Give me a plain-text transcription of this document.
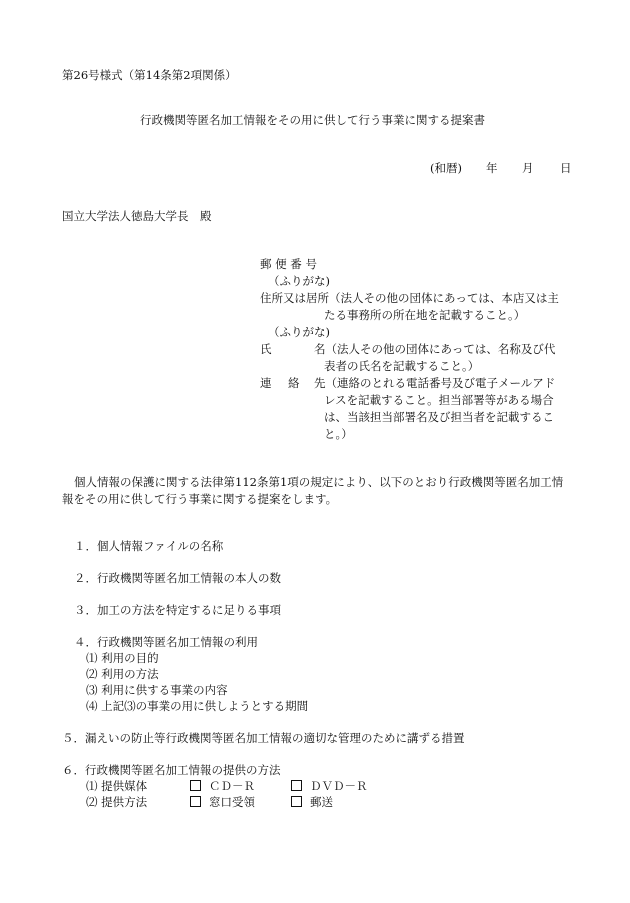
第26号様式（第14条第2項関係）
行政機関等匿名加工情報をその用に供して行う事業に関する提案書
(和暦) 年 月 日
国立大学法人徳島大学長　殿
郵 便 番 号
（ふりがな)
住所又は居所（法人その他の団体にあっては、本店又は主
たる事務所の所在地を記載すること。）
（ふりがな)
氏	名（法人その他の団体にあっては、名称及び代
表者の氏名を記載すること。）
連 絡 先（連絡のとれる電話番号及び電子メールアド
レスを記載すること。担当部署等がある場合
は、当該担当部署名及び担当者を記載するこ
と。）

個人情報の保護に関する法律第112条第1項の規定により、以下のとおり行政機関等匿名加工情

報をその用に供して行う事業に関する提案をします。

１．個人情報ファイルの名称
２．行政機関等匿名加工情報の本人の数
３．加工の方法を特定するに足りる事項
４．行政機関等匿名加工情報の利用
⑴ 利用の目的
⑵ 利用の方法
⑶ 利用に供する事業の内容
⑷ 上記⑶の事業の用に供しようとする期間
５．漏えいの防止等行政機関等匿名加工情報の適切な管理のために講ずる措置
６．行政機関等匿名加工情報の提供の方法
⑴ 提供媒体	ＣＤ－Ｒ	ＤＶＤ－Ｒ
⑵ 提供方法	窓口受領	郵送
